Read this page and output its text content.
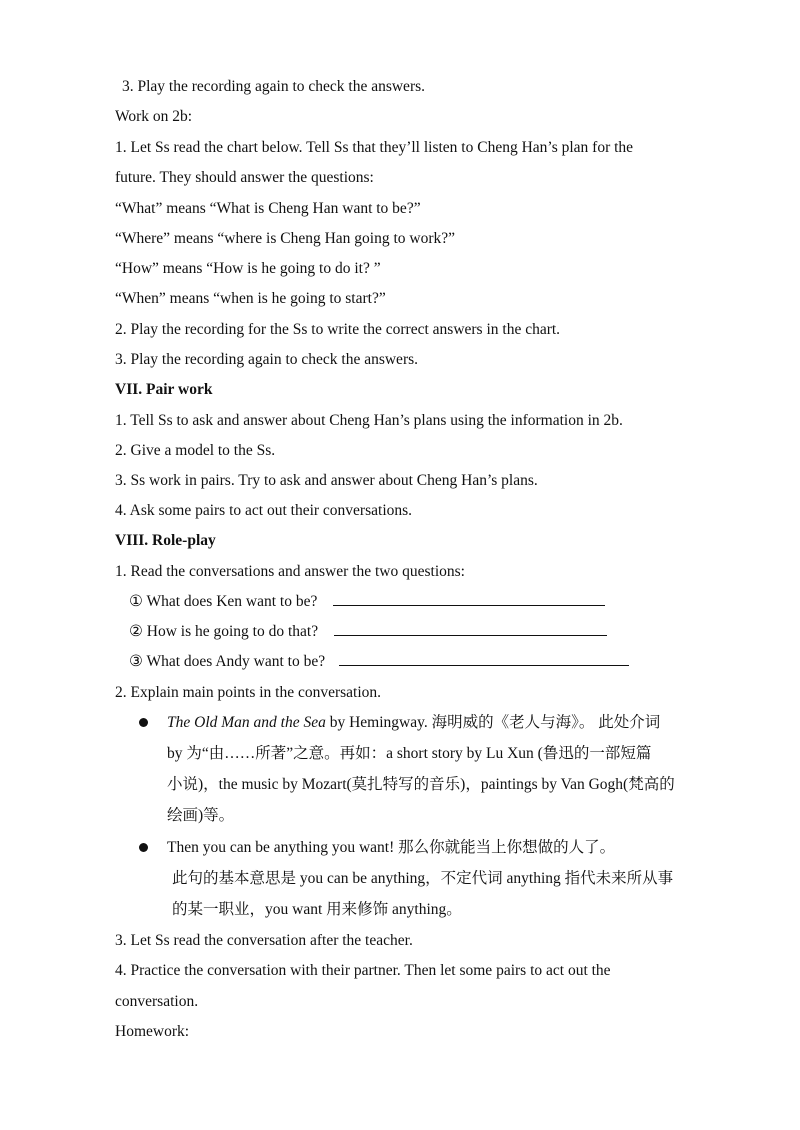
3. Play the recording again to check the answers.
Work on 2b:
1. Let Ss read the chart below. Tell Ss that they’ll listen to Cheng Han’s plan for the
future. They should answer the questions:
“What” means “What is Cheng Han want to be?”
“Where” means “where is Cheng Han going to work?”
“How” means “How is he going to do it? ”
“When” means “when is he going to start?”
2. Play the recording for the Ss to write the correct answers in the chart.
3. Play the recording again to check the answers.
VII. Pair work
1. Tell Ss to ask and answer about Cheng Han’s plans using the information in 2b.
2. Give a model to the Ss.
3. Ss work in pairs. Try to ask and answer about Cheng Han’s plans.
4. Ask some pairs to act out their conversations.
VIII. Role-play
1. Read the conversations and answer the two questions:
① What does Ken want to be?
② How is he going to do that?
③ What does Andy want to be?
2. Explain main points in the conversation.
The Old Man and the Sea by Hemingway. 海明威的《老人与海》。 此处介词
by 为“由……所著”之意。再如：a short story by Lu Xun (鲁迅的一部短篇
小说)，the music by Mozart(莫扎特写的音乐)，paintings by Van Gogh(梵高的
绘画)等。
Then you can be anything you want! 那么你就能当上你想做的人了。
此句的基本意思是 you can be anything，不定代词 anything 指代未来所从事
的某一职业，you want 用来修饰 anything。
3. Let Ss read the conversation after the teacher.
4. Practice the conversation with their partner. Then let some pairs to act out the
conversation.
Homework:
